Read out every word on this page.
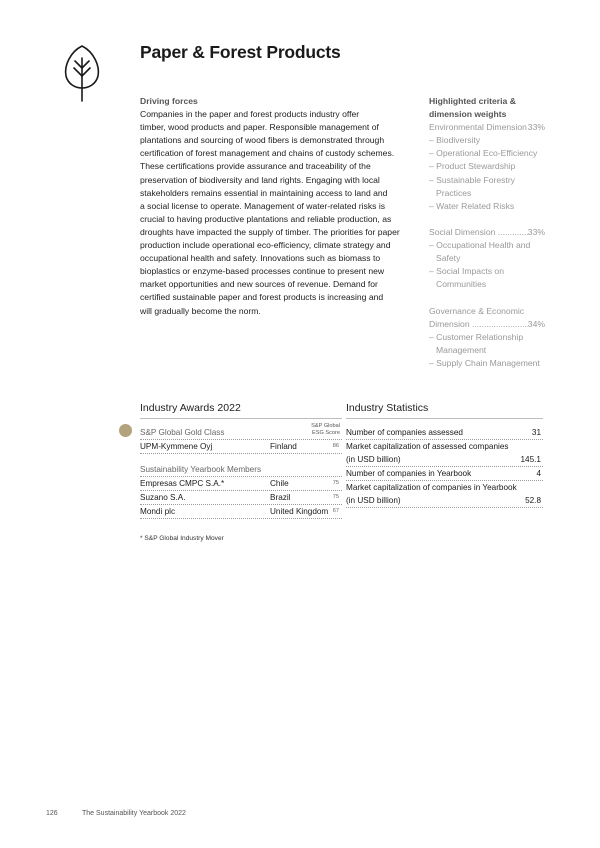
Paper & Forest Products
Driving forces
Companies in the paper and forest products industry offer
timber, wood products and paper. Responsible management of
plantations and sourcing of wood fibers is demonstrated through
certification of forest management and chains of custody schemes.
These certifications provide assurance and traceability of the
preservation of biodiversity and land rights. Engaging with local
stakeholders remains essential in maintaining access to land and
a social license to operate. Management of water-related risks is
crucial to having productive plantations and reliable production, as
droughts have impacted the supply of timber. The priorities for paper
production include operational eco-efficiency, climate strategy and
occupational health and safety. Innovations such as biomass to
bioplastics or enzyme-based processes continue to present new
market opportunities and new sources of revenue. Demand for
certified sustainable paper and forest products is increasing and
will gradually become the norm.
Highlighted criteria &
dimension weights
Environmental Dimension ..... 33%
– Biodiversity
– Operational Eco-Efficiency
– Product Stewardship
– Sustainable Forestry Practices
– Water Related Risks
Social Dimension .....	33%
– Occupational Health and Safety
– Social Impacts on Communities
Governance & Economic
Dimension .....	34%
– Customer Relationship Management
– Supply Chain Management
Industry Awards 2022
S&P Global Gold Class
S&P Global
ESG Score
UPM-Kymmene Oyj	Finland	86
Sustainability Yearbook Members
Empresas CMPC S.A.*	Chile	75
Suzano S.A.	Brazil	75
Mondi plc	United Kingdom 67
Industry Statistics
Number of companies assessed	31
Market capitalization of assessed companies
(in USD billion)	145.1
Number of companies in Yearbook	4
Market capitalization of companies in Yearbook
(in USD billion)	52.8
* S&P Global Industry Mover
126	The Sustainability Yearbook 2022
